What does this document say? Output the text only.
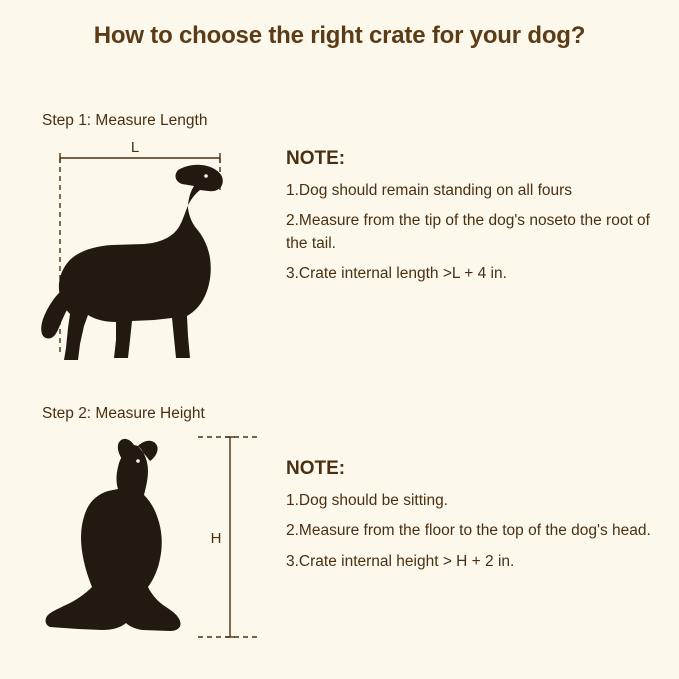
How to choose the right crate for your dog?
Step 1: Measure Length
L
NOTE:
1.Dog should remain standing on all fours
2.Measure from the tip of the dog's noseto the root of the tail.
3.Crate internal length >L + 4 in.
Step 2: Measure Height
H
NOTE:
1.Dog should be sitting.
2.Measure from the floor to the top of the dog's head.
3.Crate internal height > H + 2 in.
